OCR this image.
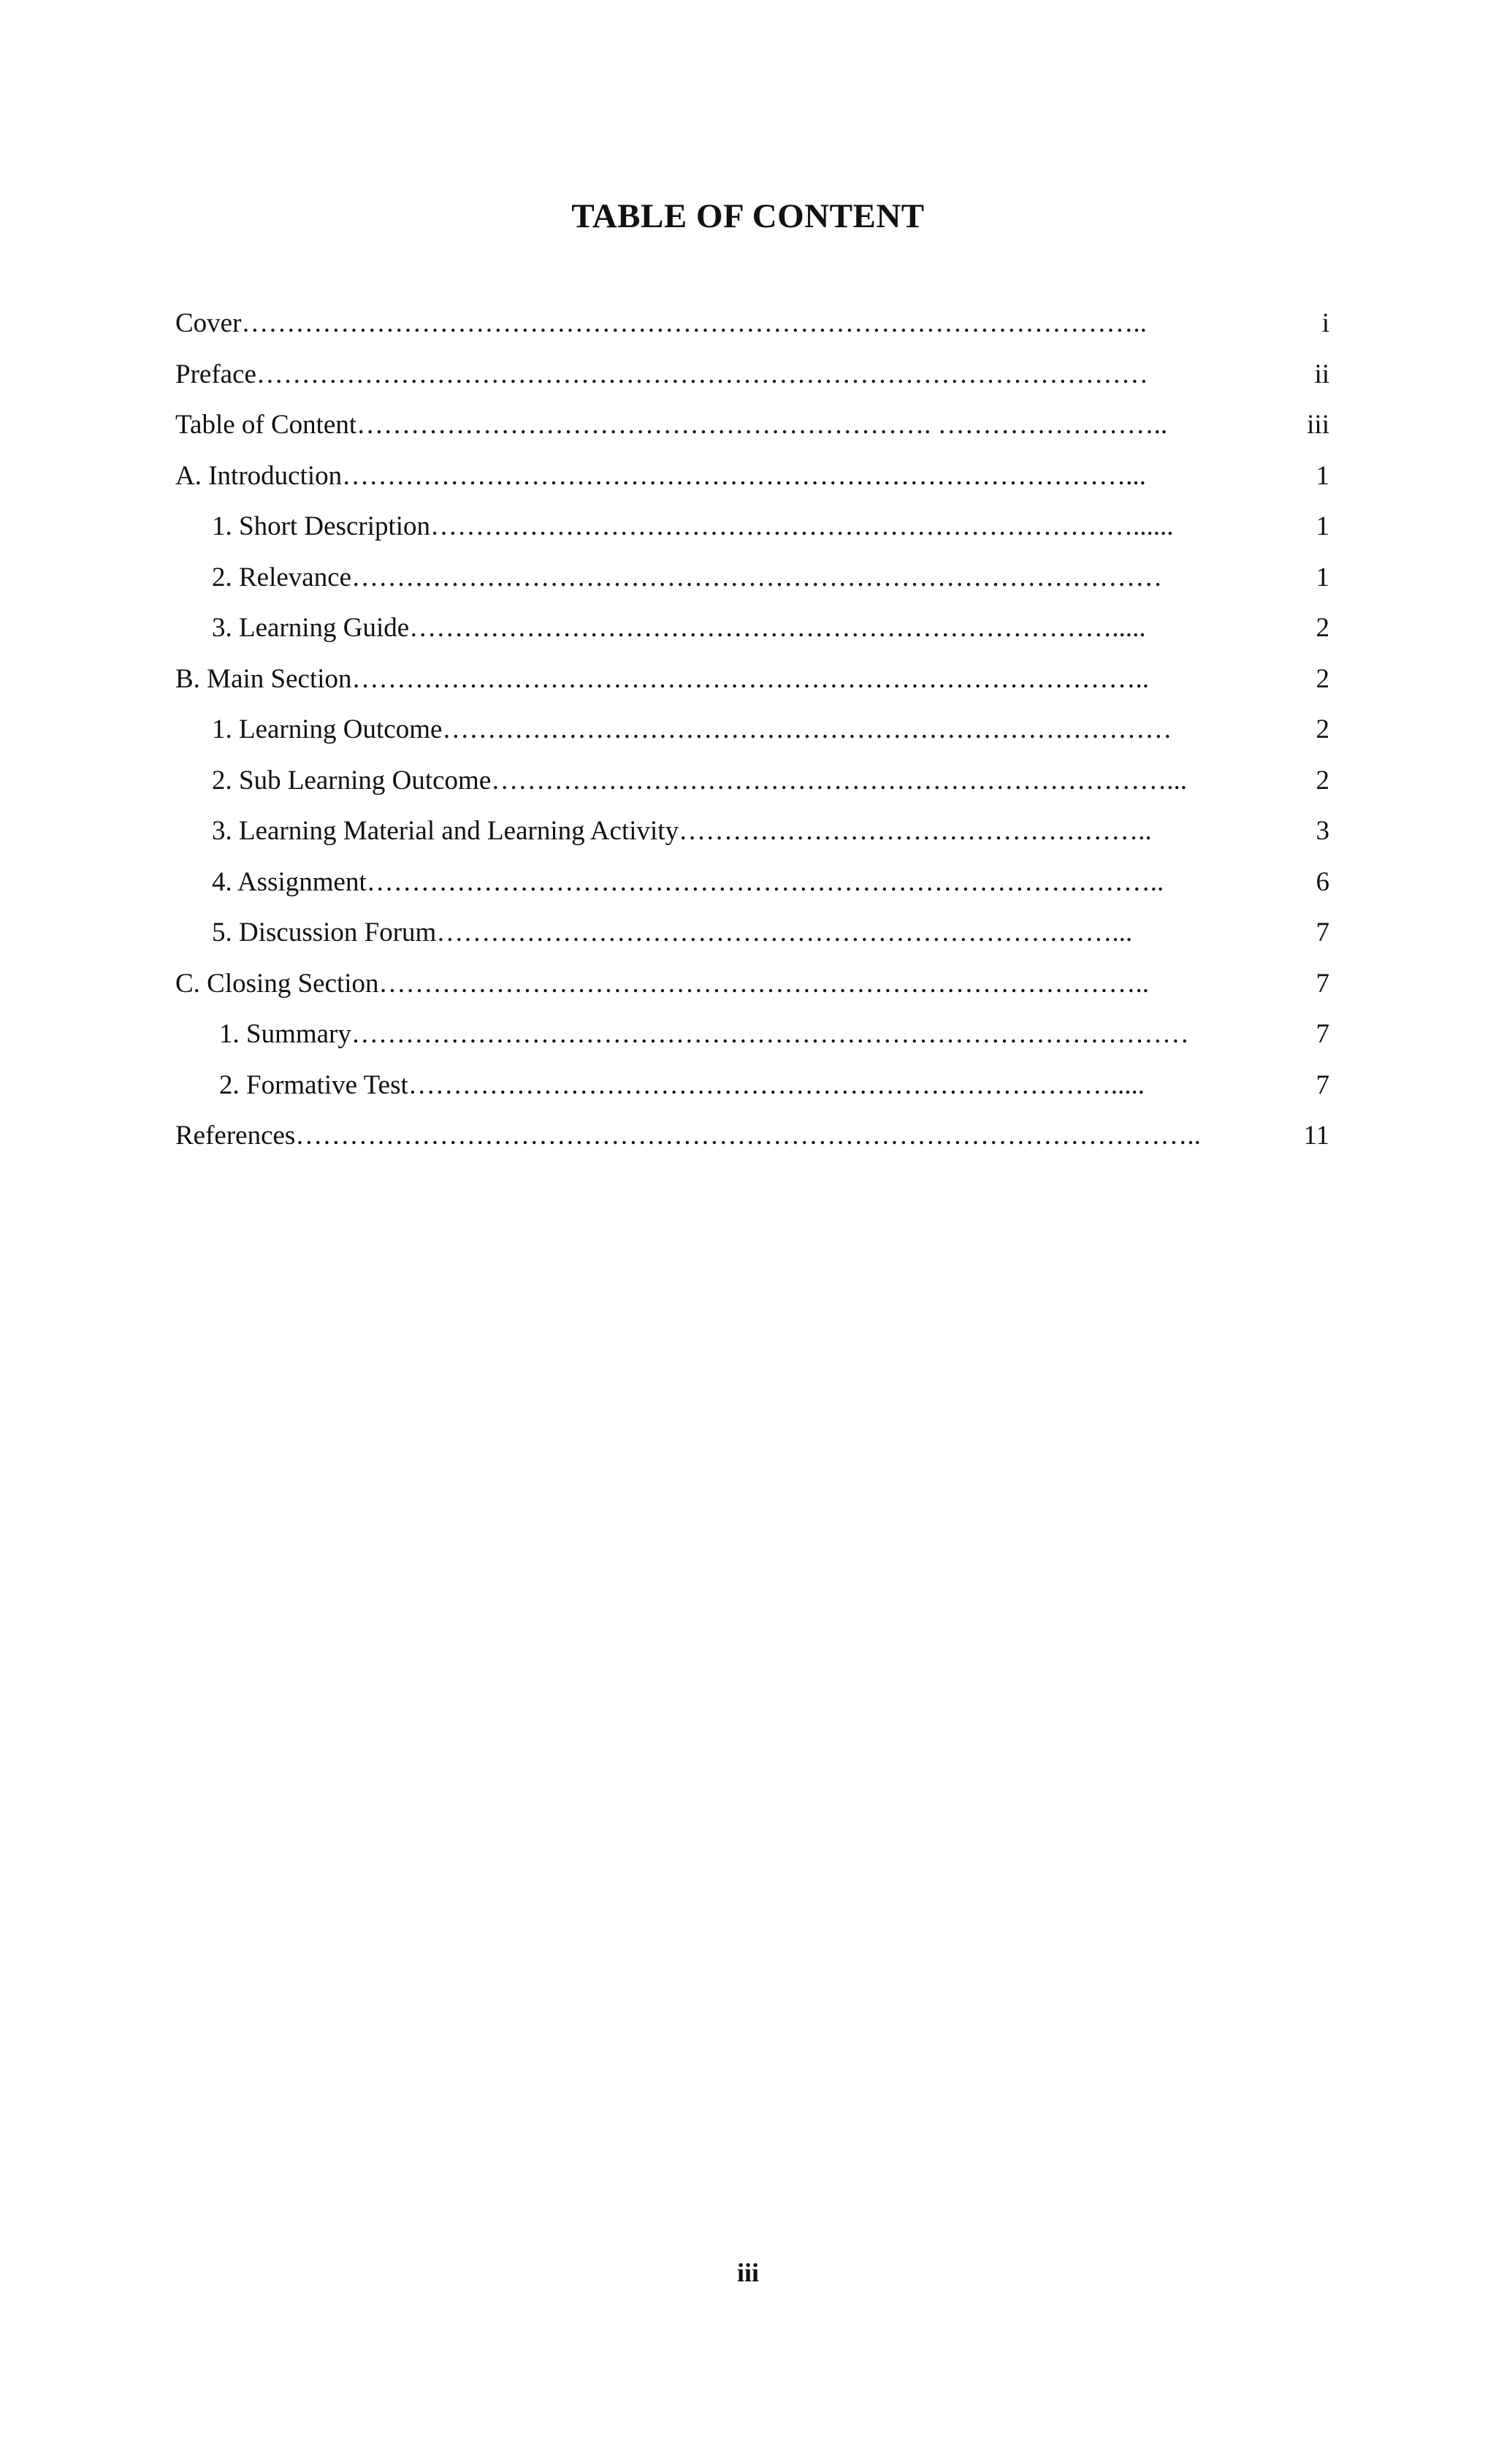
TABLE OF CONTENT
Cover………………………………………………………………………………………..	i
Preface………………………………………………………………………………………	ii
Table of Content………………………………………………………. ……………………..	iii
A. Introduction……………………………………………………………………………...	1
1. Short Description……………………………………………………………………......	1
2. Relevance………………………………………………………………………………	1
3. Learning Guide…………………………………………………………………….....	2
B. Main Section……………………………………………………………………………..	2
1. Learning Outcome………………………………………………………………………	2
2. Sub Learning Outcome…………………………………………………………………...	2
3. Learning Material and Learning Activity……………………………………………..	3
4. Assignment……………………………………………………………………………..	6
5. Discussion Forum…………………………………………………………………...	7
C. Closing Section…………………………………………………………………………..	7
1. Summary…………………………………………………………………………………	7
2. Formative Test…………………………………………………………………….....	7
References………………………………………………………………………………………..	11
iii
